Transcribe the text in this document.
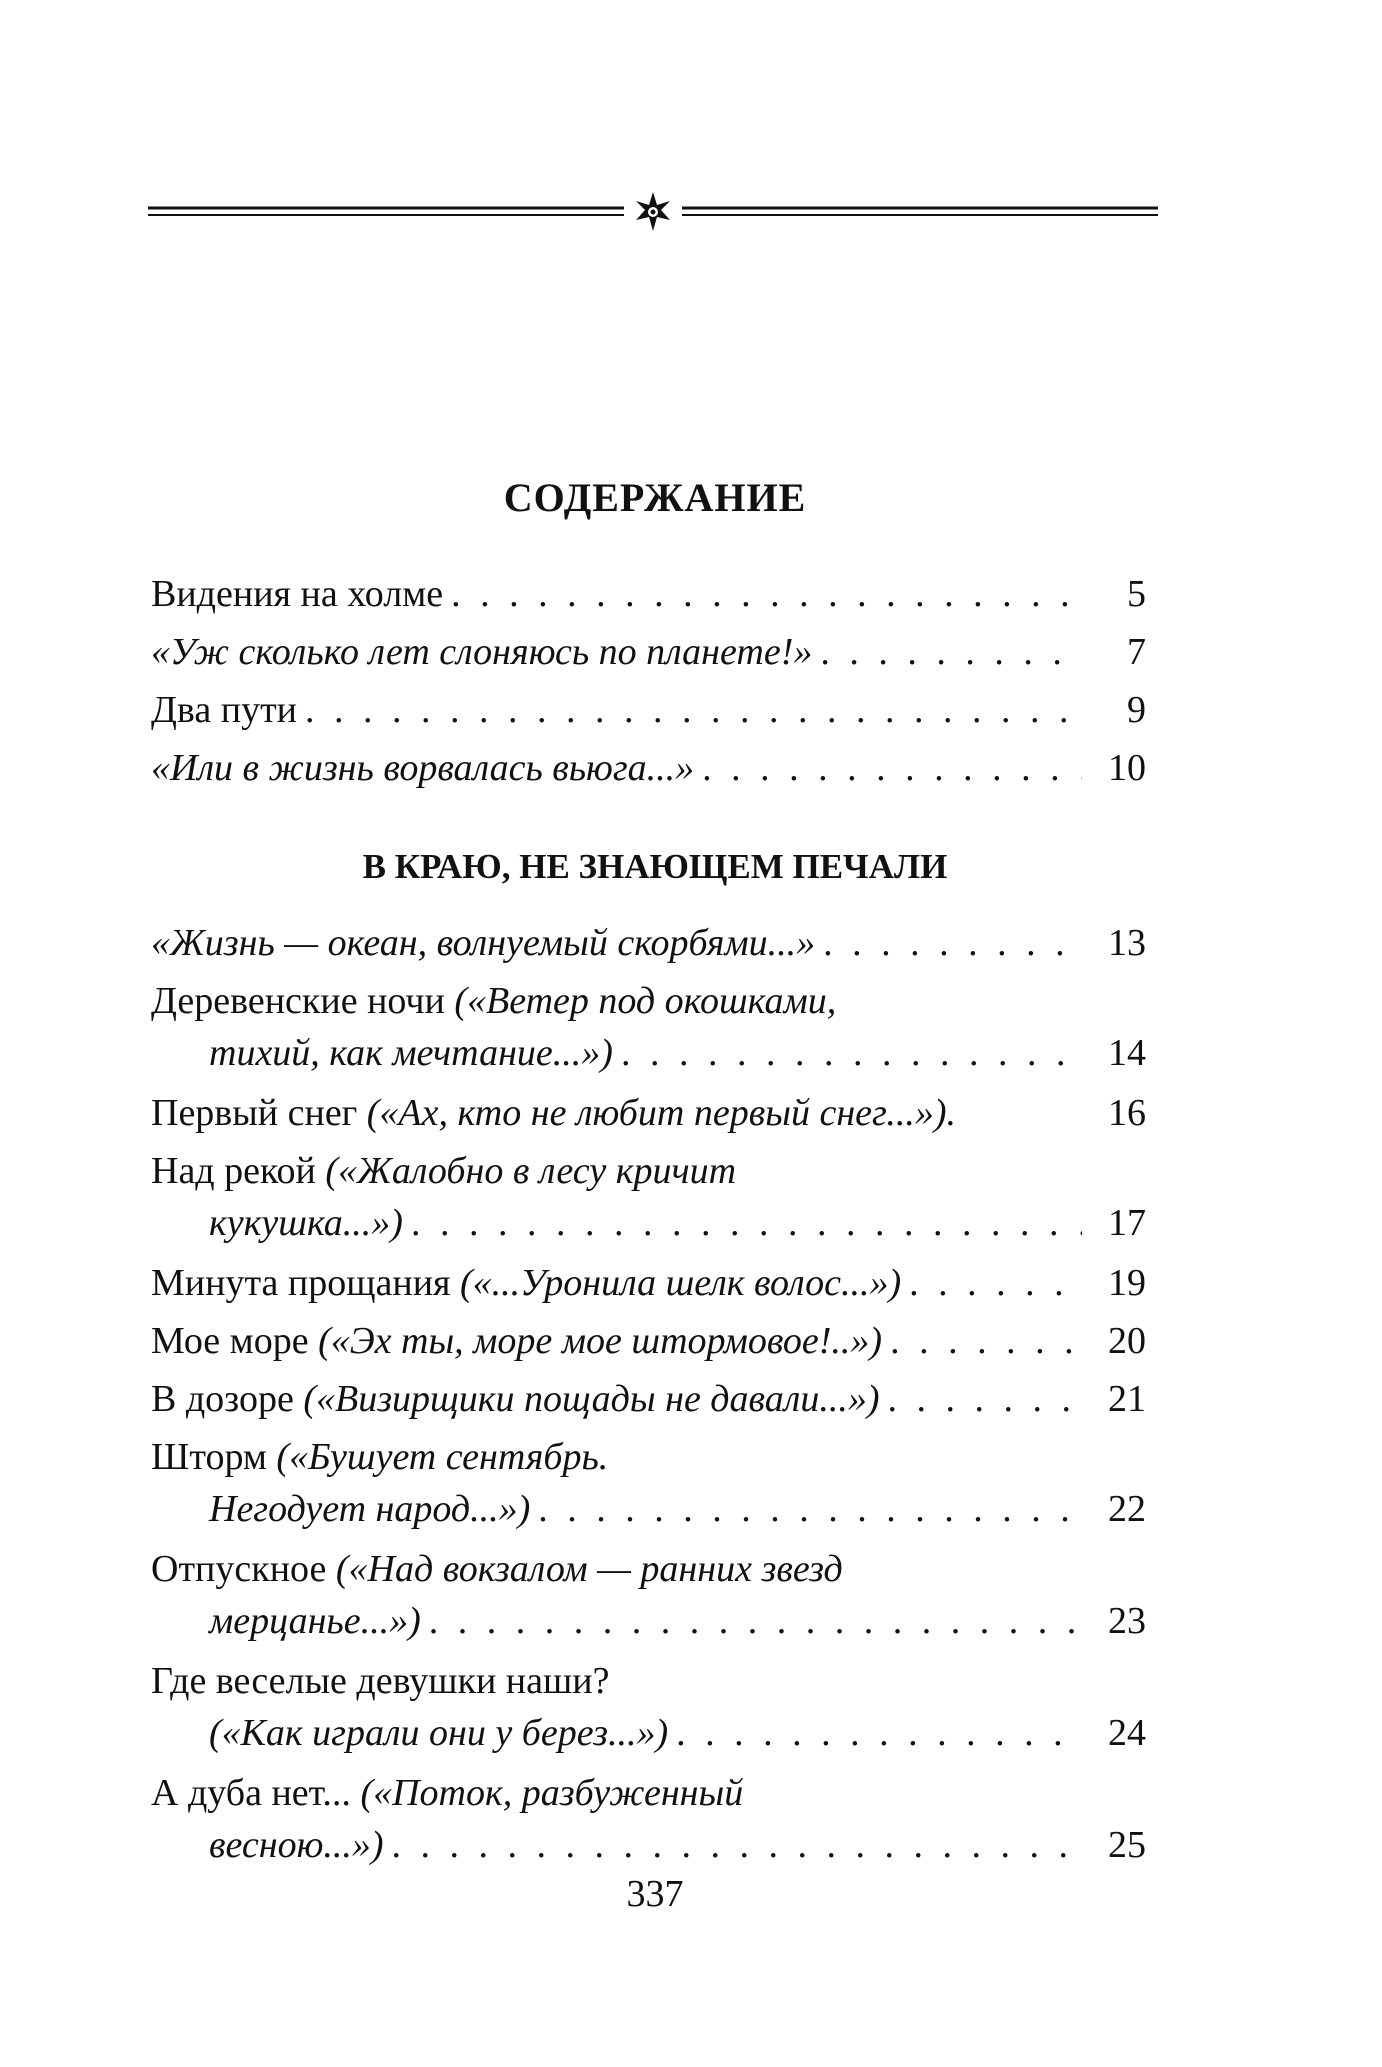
СОДЕРЖАНИЕ
Видения на холме . . .	5
«Уж сколько лет слоняюсь по планете!» . . .	7
Два пути . . .	9
«Или в жизнь ворвалась вьюга...» . . .	10
В КРАЮ, НЕ ЗНАЮЩЕМ ПЕЧАЛИ
«Жизнь — океан, волнуемый скорбями...» . . .	13
Деревенские ночи («Ветер под окошками,
тихий, как мечтание...») . . .	14
Первый снег («Ах, кто не любит первый снег...»).	16
Над рекой («Жалобно в лесу кричит
кукушка...») . . .	17
Минута прощания («...Уронила шелк волос...») . . .	19
Мое море («Эх ты, море мое штормовое!..») . . .	20
В дозоре («Визирщики пощады не давали...») . . .	21
Шторм («Бушует сентябрь.
Негодует народ...») . . .	22
Отпускное («Над вокзалом — ранних звезд
мерцанье...») . . .	23
Где веселые девушки наши?
(«Как играли они у берез...») . . .	24
А дуба нет... («Поток, разбуженный
весною...») . . .	25
337
